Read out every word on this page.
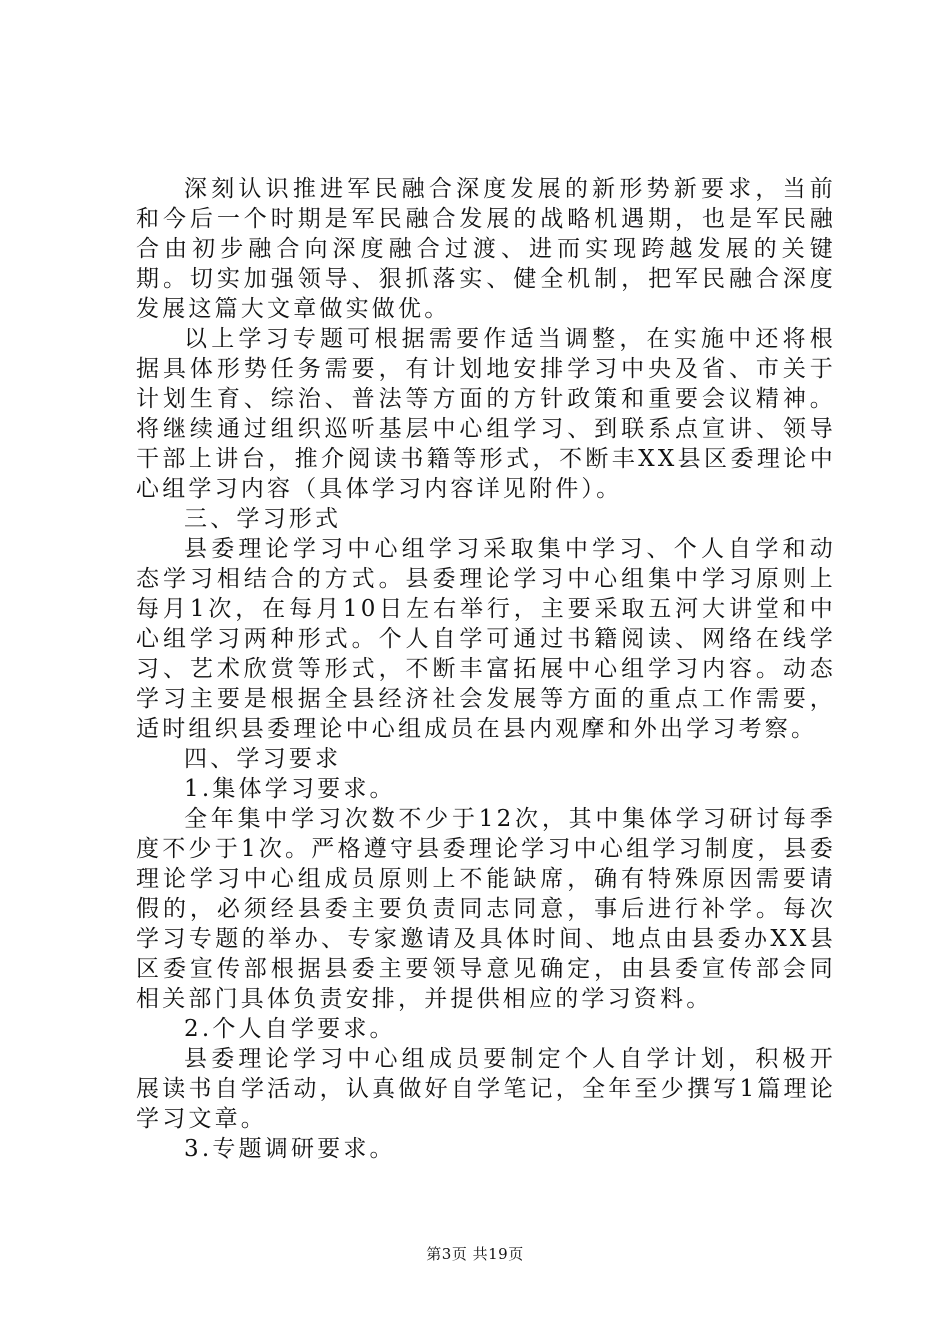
深刻认识推进军民融合深度发展的新形势新要求，当前和今后一个时期是军民融合发展的战略机遇期，也是军民融合由初步融合向深度融合过渡、进而实现跨越发展的关键期。切实加强领导、狠抓落实、健全机制，把军民融合深度发展这篇大文章做实做优。

以上学习专题可根据需要作适当调整，在实施中还将根据具体形势任务需要，有计划地安排学习中央及省、市关于计划生育、综治、普法等方面的方针政策和重要会议精神。将继续通过组织巡听基层中心组学习、到联系点宣讲、领导干部上讲台，推介阅读书籍等形式，不断丰XX县区委理论中心组学习内容（具体学习内容详见附件）。

三、学习形式

县委理论学习中心组学习采取集中学习、个人自学和动态学习相结合的方式。县委理论学习中心组集中学习原则上每月1次，在每月10日左右举行，主要采取五河大讲堂和中心组学习两种形式。个人自学可通过书籍阅读、网络在线学习、艺术欣赏等形式，不断丰富拓展中心组学习内容。动态学习主要是根据全县经济社会发展等方面的重点工作需要，适时组织县委理论中心组成员在县内观摩和外出学习考察。

四、学习要求

1.集体学习要求。

全年集中学习次数不少于12次，其中集体学习研讨每季度不少于1次。严格遵守县委理论学习中心组学习制度，县委理论学习中心组成员原则上不能缺席，确有特殊原因需要请假的，必须经县委主要负责同志同意，事后进行补学。每次学习专题的举办、专家邀请及具体时间、地点由县委办XX县区委宣传部根据县委主要领导意见确定，由县委宣传部会同相关部门具体负责安排，并提供相应的学习资料。

2.个人自学要求。

县委理论学习中心组成员要制定个人自学计划，积极开展读书自学活动，认真做好自学笔记，全年至少撰写1篇理论学习文章。

3.专题调研要求。

第3页 共19页
